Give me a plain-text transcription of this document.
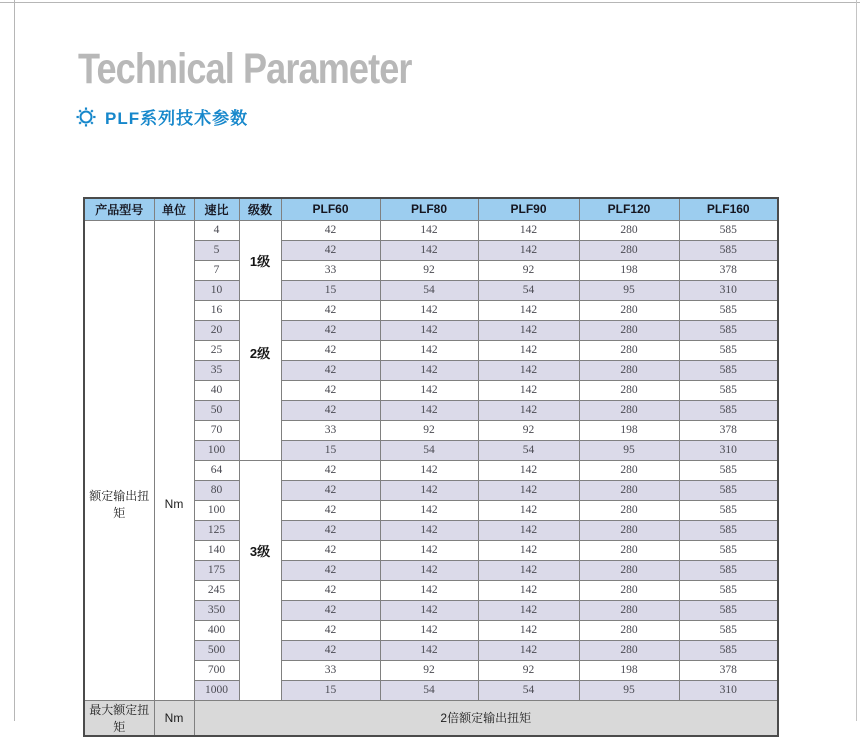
Technical Parameter
PLF系列技术参数
产品型号	单位	速比	级数	PLF60	PLF80	PLF90	PLF120	PLF160
额定输出扭矩	Nm	4	1级	42	142	142	280	585
		5		42	142	142	280	585
		7		33	92	92	198	378
		10		15	54	54	95	310
		16	2级	42	142	142	280	585
		20		42	142	142	280	585
		25		42	142	142	280	585
		35		42	142	142	280	585
		40		42	142	142	280	585
		50		42	142	142	280	585
		70		33	92	92	198	378
		100		15	54	54	95	310
		64	3级	42	142	142	280	585
		80		42	142	142	280	585
		100		42	142	142	280	585
		125		42	142	142	280	585
		140		42	142	142	280	585
		175		42	142	142	280	585
		245		42	142	142	280	585
		350		42	142	142	280	585
		400		42	142	142	280	585
		500		42	142	142	280	585
		700		33	92	92	198	378
		1000		15	54	54	95	310
最大额定扭矩	Nm	2倍额定输出扭矩						
